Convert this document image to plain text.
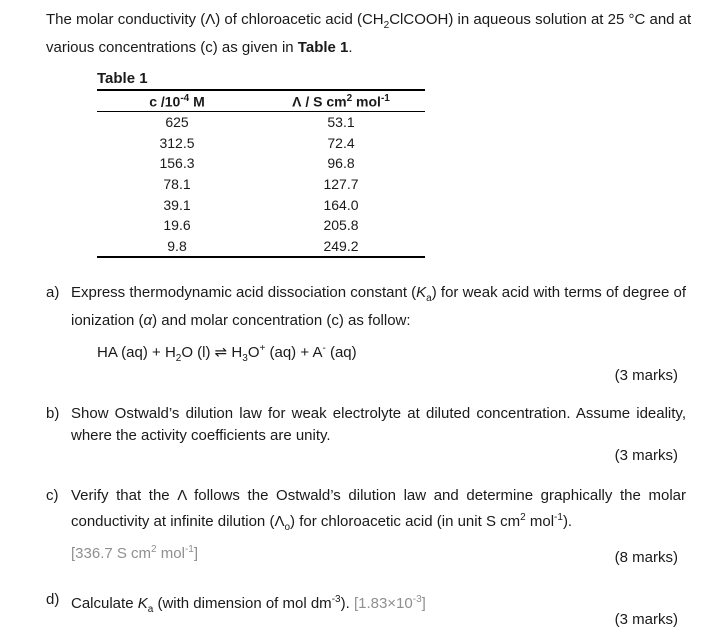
The molar conductivity (Λ) of chloroacetic acid $(CH_2ClCOOH)$ in aqueous solution at 25 °C and at various concentrations (c) as given in Table 1.
Table 1
c $/10^{-4}$ M	Λ / S $cm^2$ mol$^{-1}$
625	53.1
312.5	72.4
156.3	96.8
78.1	127.7
39.1	164.0
19.6	205.8
9.8	249.2
a) Express thermodynamic acid dissociation constant $(K_a)$ for weak acid with terms of degree of ionization (α) and molar concentration (c) as follow:
HA $(aq) + H_2O$ (l) ⇌ $H_3O^+$ (aq) + A- (aq)
(3 marks)
b) Show Ostwald’s dilution law for weak electrolyte at diluted concentration. Assume ideality, where the activity coefficients are unity.
(3 marks)
c) Verify that the Λ follows the Ostwald’s dilution law and determine graphically the molar conductivity at infinite dilution $(\Lambda_o)$ for chloroacetic acid (in unit S $cm^2$ mol$^{-1}$).
[336.7 S $cm^2$ mol$^{-1}$]	(8 marks)
d) Calculate $K_a$ (with dimension of mol $dm^{-3}$). $[1.83\times 10^{-3}]$
(3 marks)
